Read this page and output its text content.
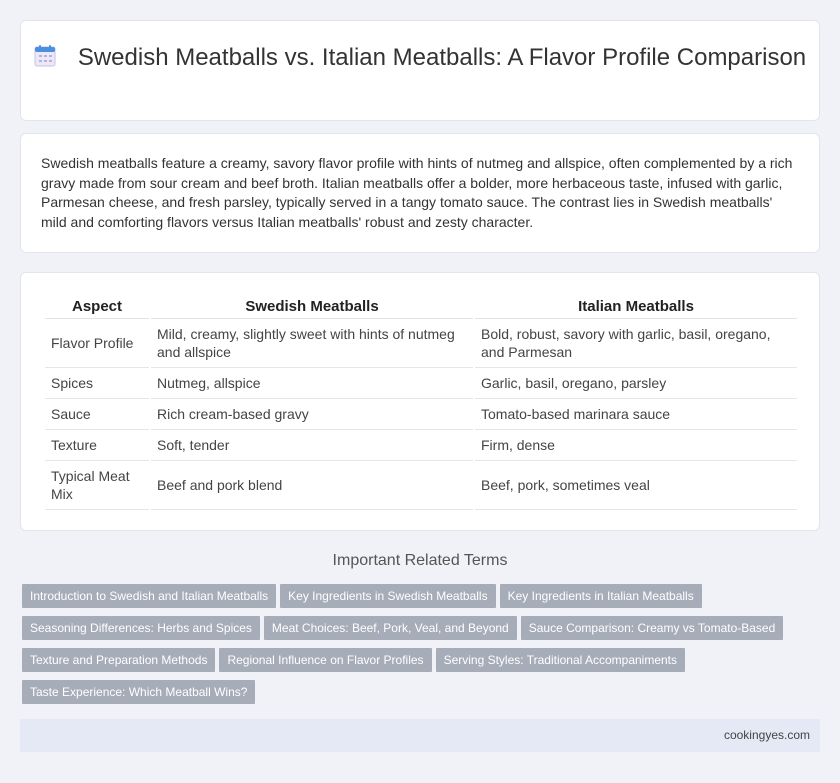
Swedish Meatballs vs. Italian Meatballs: A Flavor Profile Comparison

Swedish meatballs feature a creamy, savory flavor profile with hints of nutmeg and allspice, often complemented by a rich gravy made from sour cream and beef broth. Italian meatballs offer a bolder, more herbaceous taste, infused with garlic, Parmesan cheese, and fresh parsley, typically served in a tangy tomato sauce. The contrast lies in Swedish meatballs' mild and comforting flavors versus Italian meatballs' robust and zesty character.

Aspect	Swedish Meatballs	Italian Meatballs
Flavor Profile	Mild, creamy, slightly sweet with hints of nutmeg and allspice	Bold, robust, savory with garlic, basil, oregano, and Parmesan
Spices	Nutmeg, allspice	Garlic, basil, oregano, parsley
Sauce	Rich cream-based gravy	Tomato-based marinara sauce
Texture	Soft, tender	Firm, dense
Typical Meat Mix	Beef and pork blend	Beef, pork, sometimes veal
Important Related Terms
Introduction to Swedish and Italian Meatballs Key Ingredients in Swedish Meatballs Key Ingredients in Italian Meatballs
Seasoning Differences: Herbs and Spices Meat Choices: Beef, Pork, Veal, and Beyond Sauce Comparison: Creamy vs Tomato-Based
Texture and Preparation Methods Regional Influence on Flavor Profiles Serving Styles: Traditional Accompaniments
Taste Experience: Which Meatball Wins?
cookingyes.com
